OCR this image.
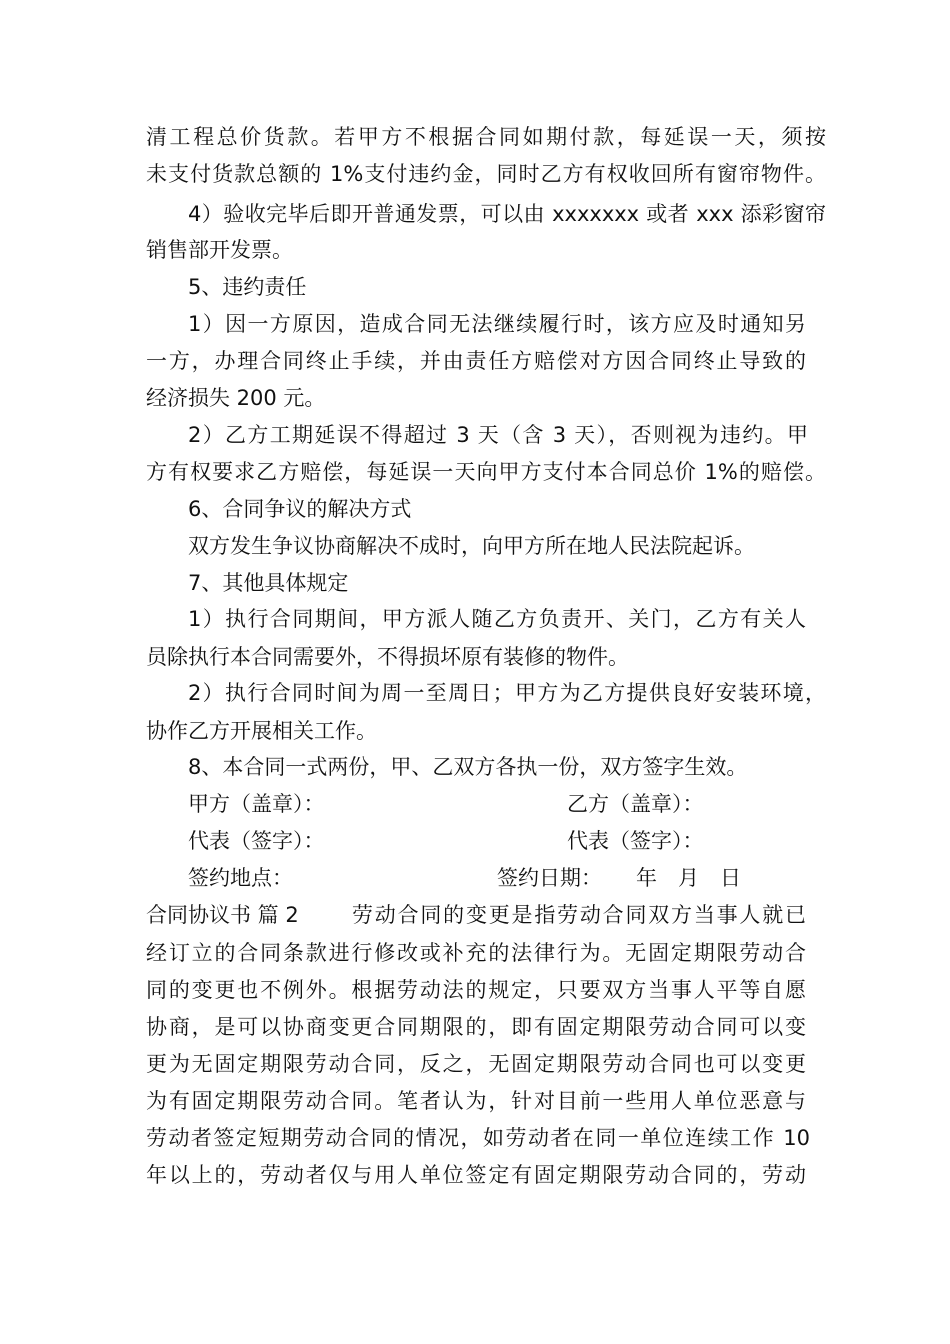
清工程总价货款。若甲方不根据合同如期付款，每延误一天，须按
未支付货款总额的 1%支付违约金，同时乙方有权收回所有窗帘物件。
4）验收完毕后即开普通发票，可以由 xxxxxxx 或者 xxx 添彩窗帘
销售部开发票。
5、违约责任
1）因一方原因，造成合同无法继续履行时，该方应及时通知另
一方，办理合同终止手续，并由责任方赔偿对方因合同终止导致的
经济损失 200 元。
2）乙方工期延误不得超过 3 天（含 3 天），否则视为违约。甲
方有权要求乙方赔偿，每延误一天向甲方支付本合同总价 1%的赔偿。
6、合同争议的解决方式
双方发生争议协商解决不成时，向甲方所在地人民法院起诉。
7、其他具体规定
1）执行合同期间，甲方派人随乙方负责开、关门，乙方有关人
员除执行本合同需要外，不得损坏原有装修的物件。
2）执行合同时间为周一至周日；甲方为乙方提供良好安装环境，
协作乙方开展相关工作。
8、本合同一式两份，甲、乙双方各执一份，双方签字生效。
甲方（盖章）：	乙方（盖章）：
代表（签字）：	代表（签字）：
签约地点：	签约日期： 年 月 日
合同协议书 篇 2	劳动合同的变更是指劳动合同双方当事人就已
经订立的合同条款进行修改或补充的法律行为。无固定期限劳动合
同的变更也不例外。根据劳动法的规定，只要双方当事人平等自愿
协商，是可以协商变更合同期限的，即有固定期限劳动合同可以变
更为无固定期限劳动合同，反之，无固定期限劳动合同也可以变更
为有固定期限劳动合同。笔者认为，针对目前一些用人单位恶意与
劳动者签定短期劳动合同的情况，如劳动者在同一单位连续工作 10
年以上的，劳动者仅与用人单位签定有固定期限劳动合同的，劳动
